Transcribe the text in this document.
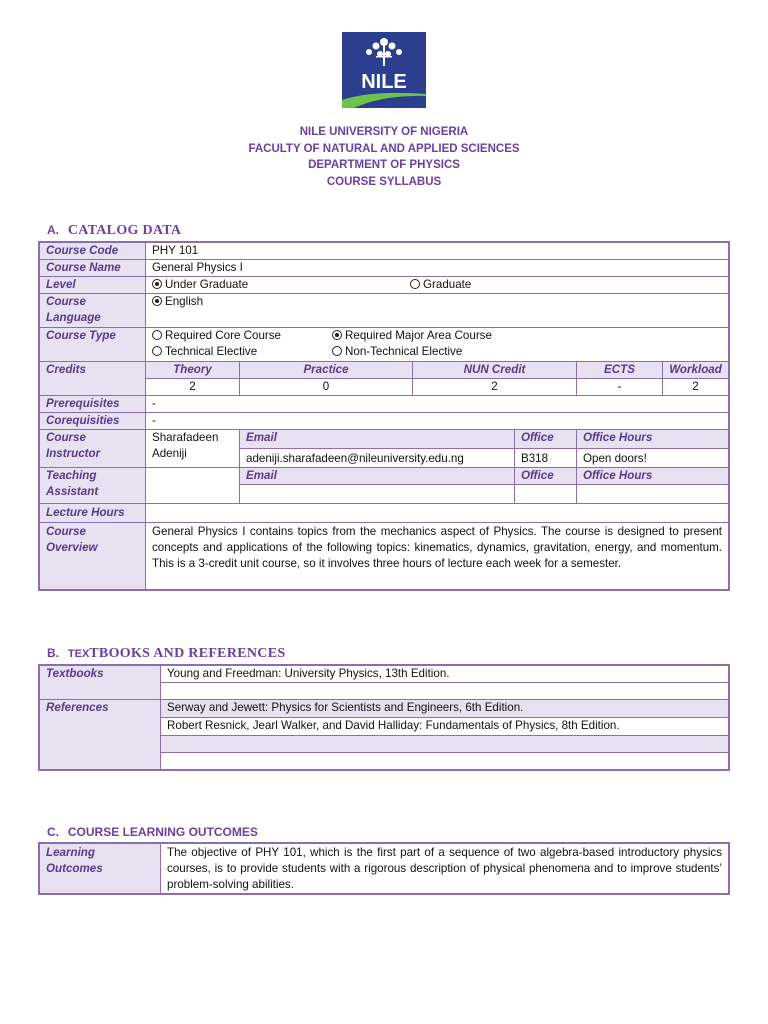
NILE
NILE UNIVERSITY OF NIGERIA
FACULTY OF NATURAL AND APPLIED SCIENCES
DEPARTMENT OF PHYSICS
COURSE SYLLABUS
A. CATALOG DATA
Course Code	PHY 101					
Course Name	General Physics I					
Level	Under Graduate Graduate					
Course Language	English					
Course Type	Required Core Course Required Major Area Course
Technical Elective Non-Technical Elective					

Credits	Theory	Practice	NUN Credit		ECTS	Workload
	2	0	2		-	2
Prerequisites	-					
Corequisities	-					
Course Instructor	Sharafadeen Adeniji	Email		Office	Office Hours	
		adeniji.sharafadeen@nileuniversity.edu.ng		B318	Open doors!	
Teaching Assistant		Email		Office	Office Hours	

Lecture Hours						
Course Overview	General Physics I contains topics from the mechanics aspect of Physics. The course is designed to present concepts and applications of the following topics: kinematics, dynamics, gravitation, energy, and momentum. This is a 3-credit unit course, so it involves three hours of lecture each week for a semester.					
B. TEXTBOOKS AND REFERENCES
Textbooks	Young and Freedman: University Physics, 13th Edition.

References	Serway and Jewett: Physics for Scientists and Engineers, 6th Edition.
	Robert Resnick, Jearl Walker, and David Halliday: Fundamentals of Physics, 8th Edition.

C. COURSE LEARNING OUTCOMES
Learning Outcomes	The objective of PHY 101, which is the first part of a sequence of two algebra-based introductory physics courses, is to provide students with a rigorous description of physical phenomena and to improve students’ problem-solving abilities.
